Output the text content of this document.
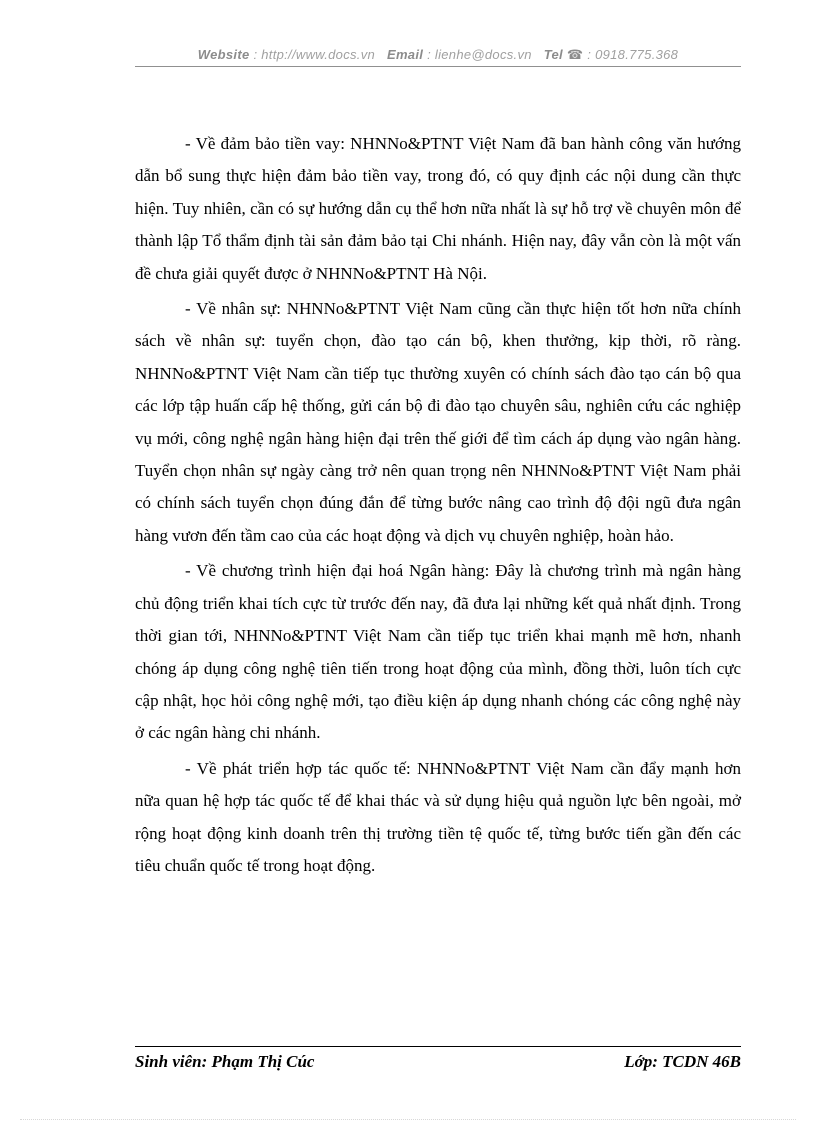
Website : http://www.docs.vn Email : lienhe@docs.vn Tel ☎ : 0918.775.368

- Về đảm bảo tiền vay: NHNNo&PTNT Việt Nam đã ban hành công văn hướng dẫn bổ sung thực hiện đảm bảo tiền vay, trong đó, có quy định các nội dung cần thực hiện. Tuy nhiên, cần có sự hướng dẫn cụ thể hơn nữa nhất là sự hỗ trợ về chuyên môn để thành lập Tổ thẩm định tài sản đảm bảo tại Chi nhánh. Hiện nay, đây vẫn còn là một vấn đề chưa giải quyết được ở NHNNo&PTNT Hà Nội.

- Về nhân sự: NHNNo&PTNT Việt Nam cũng cần thực hiện tốt hơn nữa chính sách về nhân sự: tuyển chọn, đào tạo cán bộ, khen thưởng, kịp thời, rõ ràng. NHNNo&PTNT Việt Nam cần tiếp tục thường xuyên có chính sách đào tạo cán bộ qua các lớp tập huấn cấp hệ thống, gửi cán bộ đi đào tạo chuyên sâu, nghiên cứu các nghiệp vụ mới, công nghệ ngân hàng hiện đại trên thế giới để tìm cách áp dụng vào ngân hàng. Tuyển chọn nhân sự ngày càng trở nên quan trọng nên NHNNo&PTNT Việt Nam phải có chính sách tuyển chọn đúng đắn để từng bước nâng cao trình độ đội ngũ đưa ngân hàng vươn đến tầm cao của các hoạt động và dịch vụ chuyên nghiệp, hoàn hảo.

- Về chương trình hiện đại hoá Ngân hàng: Đây là chương trình mà ngân hàng chủ động triển khai tích cực từ trước đến nay, đã đưa lại những kết quả nhất định. Trong thời gian tới, NHNNo&PTNT Việt Nam cần tiếp tục triển khai mạnh mẽ hơn, nhanh chóng áp dụng công nghệ tiên tiến trong hoạt động của mình, đồng thời, luôn tích cực cập nhật, học hỏi công nghệ mới, tạo điều kiện áp dụng nhanh chóng các công nghệ này ở các ngân hàng chi nhánh.

- Về phát triển hợp tác quốc tế: NHNNo&PTNT Việt Nam cần đẩy mạnh hơn nữa quan hệ hợp tác quốc tế để khai thác và sử dụng hiệu quả nguồn lực bên ngoài, mở rộng hoạt động kinh doanh trên thị trường tiền tệ quốc tế, từng bước tiến gần đến các tiêu chuẩn quốc tế trong hoạt động.

Sinh viên: Phạm Thị Cúc	Lớp: TCDN 46B
